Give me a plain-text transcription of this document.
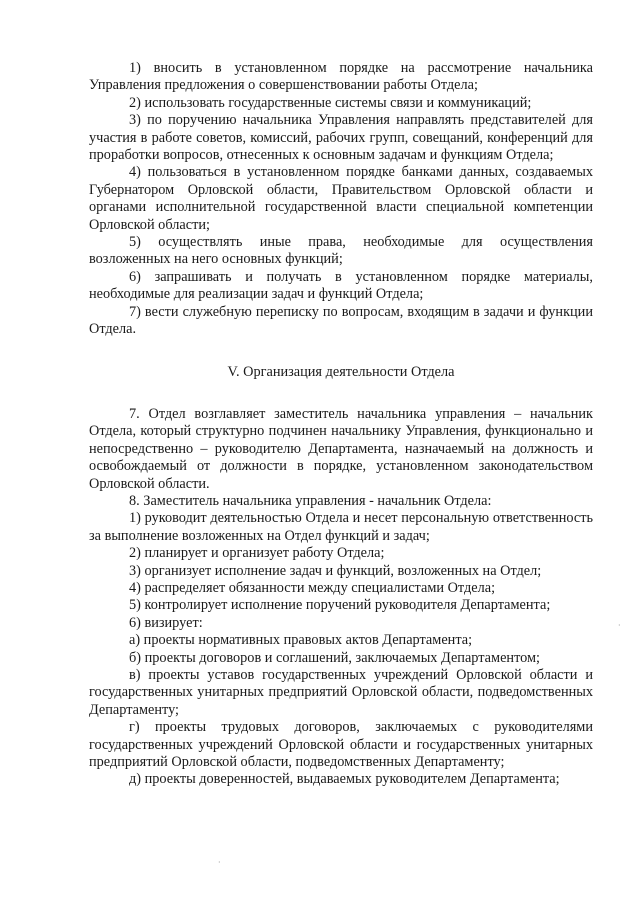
1) вносить в установленном порядке на рассмотрение начальника Управления предложения о совершенствовании работы Отдела;

2) использовать государственные системы связи и коммуникаций;

3) по поручению начальника Управления направлять представителей для участия в работе советов, комиссий, рабочих групп, совещаний, конференций для проработки вопросов, отнесенных к основным задачам и функциям Отдела;

4) пользоваться в установленном порядке банками данных, создаваемых Губернатором Орловской области, Правительством Орловской области и органами исполнительной государственной власти специальной компетенции Орловской области;

5) осуществлять иные права, необходимые для осуществления возложенных на него основных функций;

6) запрашивать и получать в установленном порядке материалы, необходимые для реализации задач и функций Отдела;

7) вести служебную переписку по вопросам, входящим в задачи и функции Отдела.

V. Организация деятельности Отдела

7. Отдел возглавляет заместитель начальника управления – начальник Отдела, который структурно подчинен начальнику Управления, функционально и непосредственно – руководителю Департамента, назначаемый на должность и освобождаемый от должности в порядке, установленном законодательством Орловской области.

8. Заместитель начальника управления - начальник Отдела:

1) руководит деятельностью Отдела и несет персональную ответственность за выполнение возложенных на Отдел функций и задач;

2) планирует и организует работу Отдела;

3) организует исполнение задач и функций, возложенных на Отдел;

4) распределяет обязанности между специалистами Отдела;

5) контролирует исполнение поручений руководителя Департамента;

6) визирует:

а) проекты нормативных правовых актов Департамента;

б) проекты договоров и соглашений, заключаемых Департаментом;

в) проекты уставов государственных учреждений Орловской области и государственных унитарных предприятий Орловской области, подведомственных Департаменту;

г) проекты трудовых договоров, заключаемых с руководителями государственных учреждений Орловской области и государственных унитарных предприятий Орловской области, подведомственных Департаменту;

д) проекты доверенностей, выдаваемых руководителем Департамента;

·
·
